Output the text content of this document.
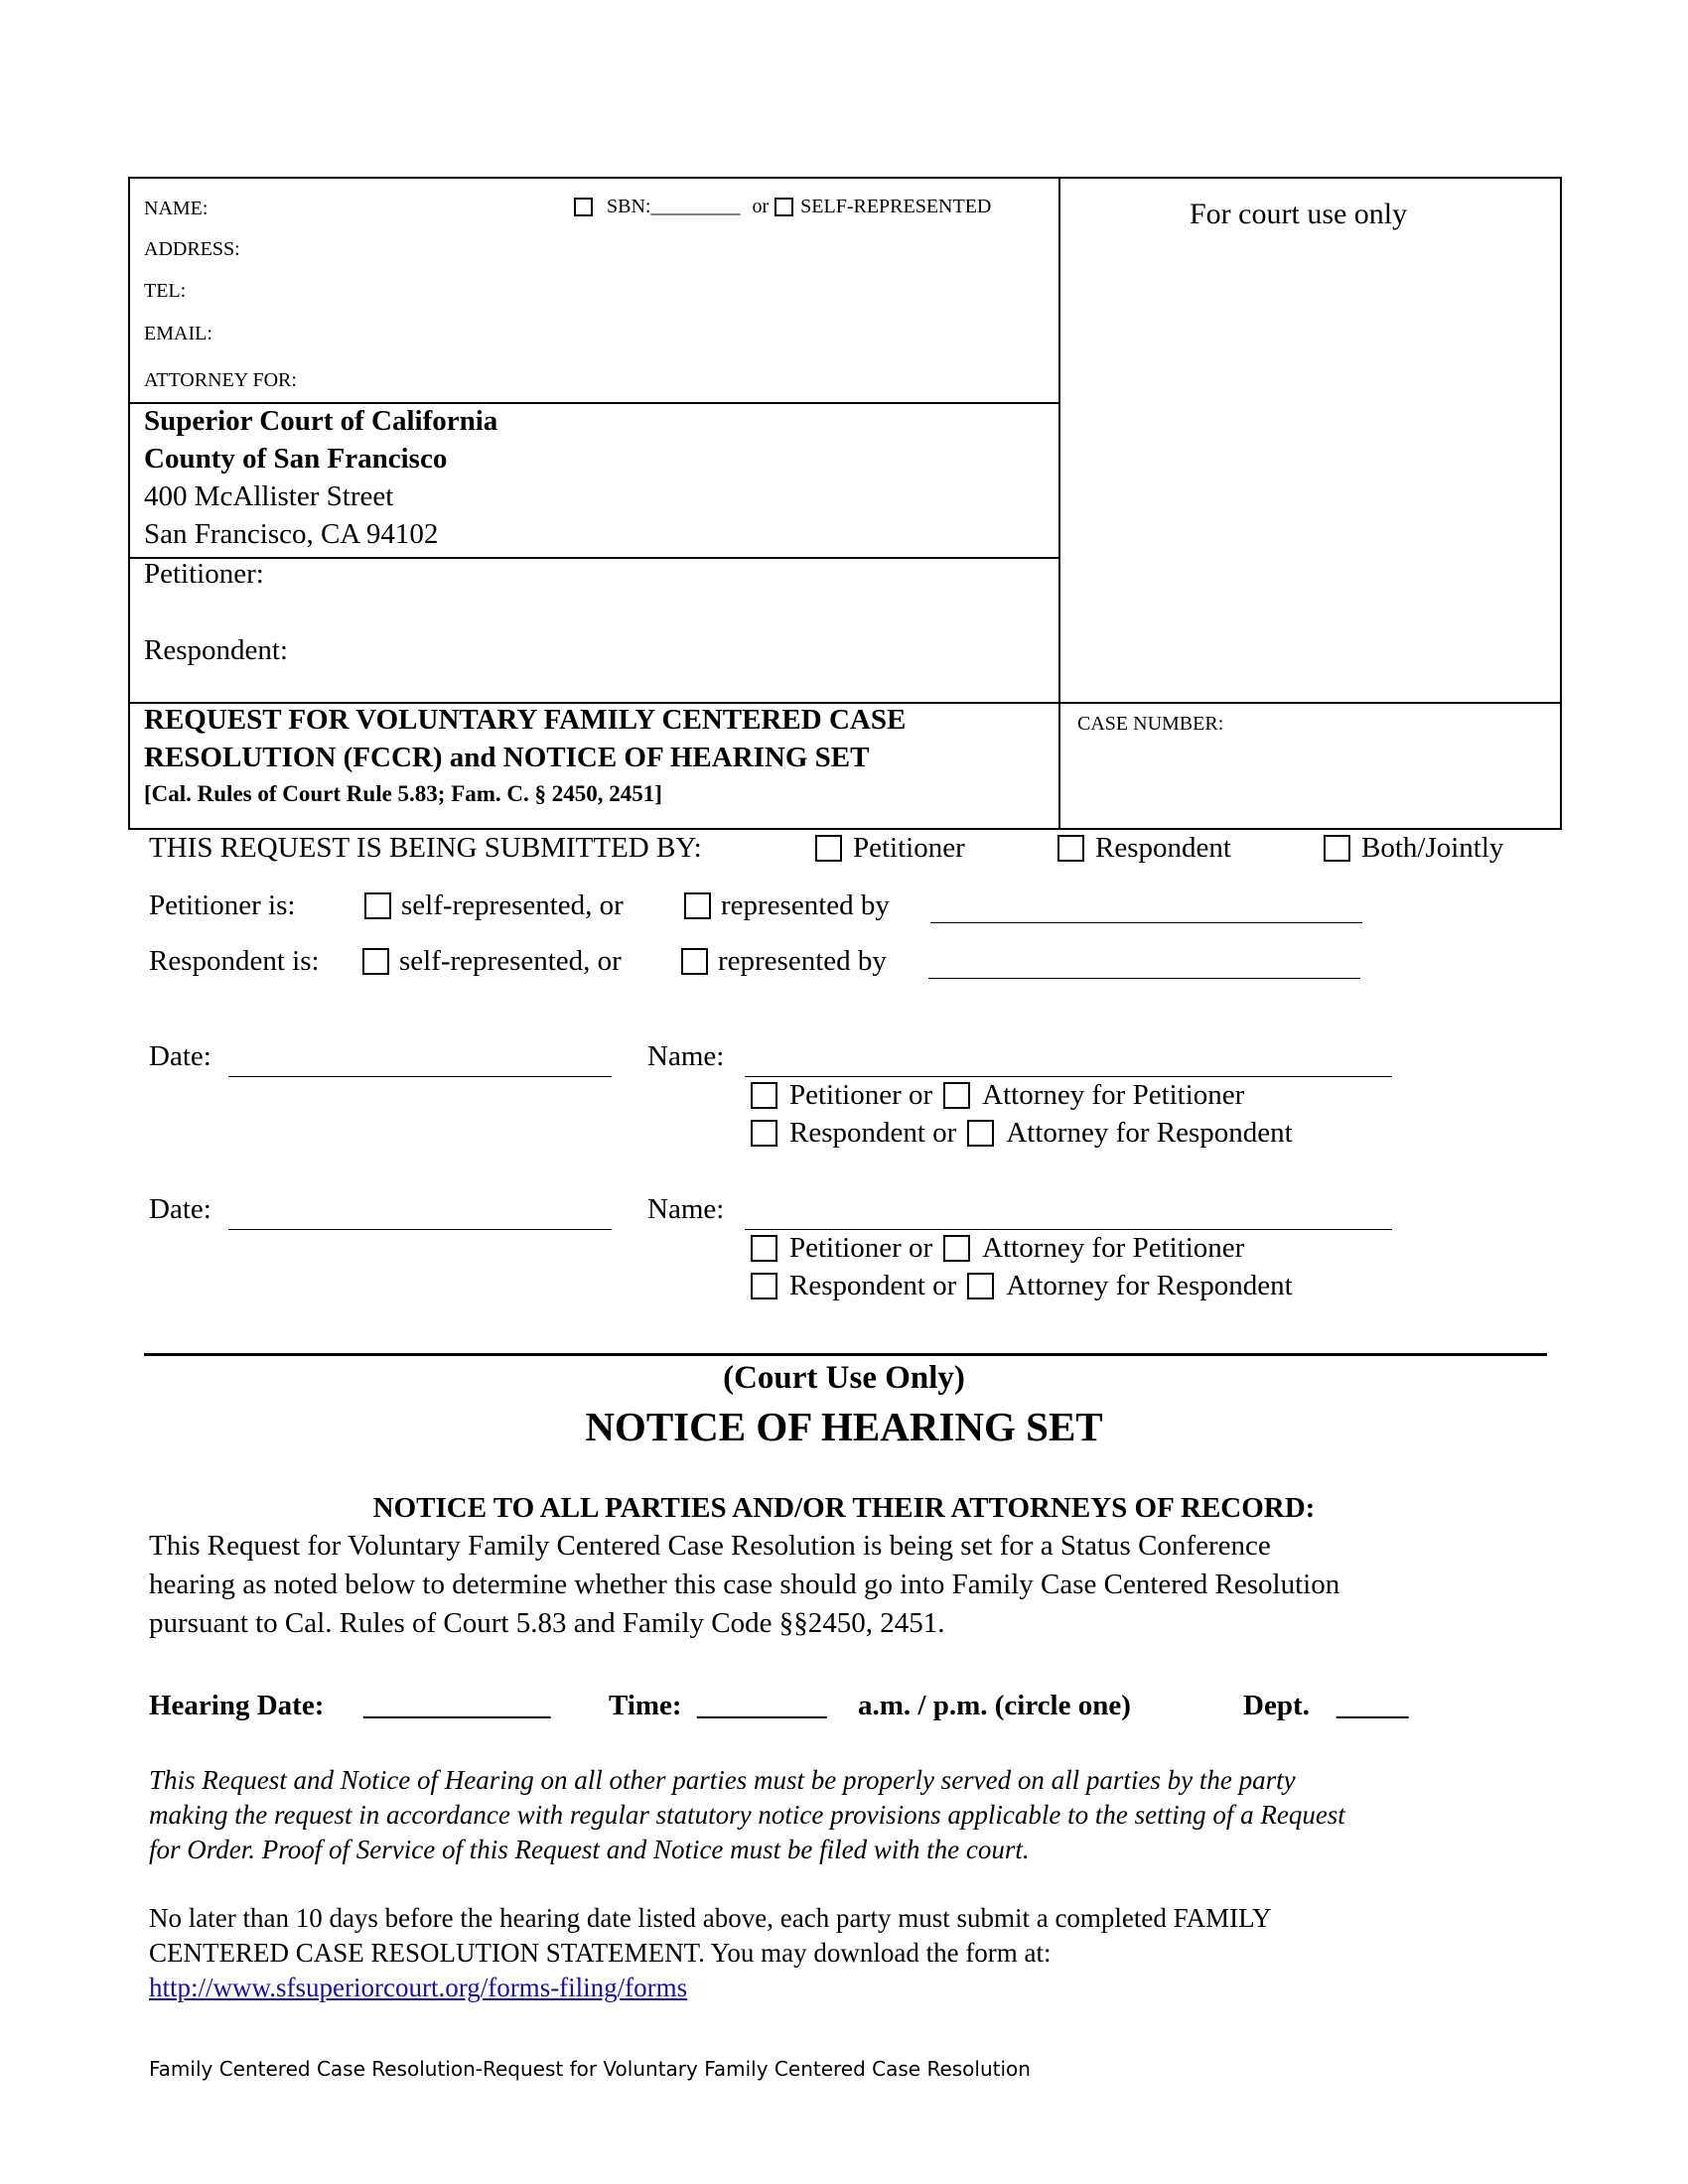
NAME:	SBN: _________ or SELF-REPRESENTED
ADDRESS:
TEL:
EMAIL:
ATTORNEY FOR:
For court use only
Superior Court of California
County of San Francisco
400 McAllister Street
San Francisco, CA 94102
Petitioner:
Respondent:
REQUEST FOR VOLUNTARY FAMILY CENTERED CASE
RESOLUTION (FCCR) and NOTICE OF HEARING SET
[Cal. Rules of Court Rule 5.83; Fam. C. § 2450, 2451]
CASE NUMBER:
THIS REQUEST IS BEING SUBMITTED BY:	Petitioner	Respondent	Both/Jointly
Petitioner is:	self-represented, or	represented by
Respondent is:	self-represented, or	represented by
Date:	Name:
Petitioner or Attorney for Petitioner
Respondent or Attorney for Respondent
Date:	Name:
Petitioner or Attorney for Petitioner
Respondent or Attorney for Respondent
(Court Use Only)
NOTICE OF HEARING SET
NOTICE TO ALL PARTIES AND/OR THEIR ATTORNEYS OF RECORD:
This Request for Voluntary Family Centered Case Resolution is being set for a Status Conference
hearing as noted below to determine whether this case should go into Family Case Centered Resolution
pursuant to Cal. Rules of Court 5.83 and Family Code §§2450, 2451.
Hearing Date: _____________ Time: _________ a.m. / p.m. (circle one)	Dept. _____
This Request and Notice of Hearing on all other parties must be properly served on all parties by the party
making the request in accordance with regular statutory notice provisions applicable to the setting of a Request
for Order. Proof of Service of this Request and Notice must be filed with the court.
No later than 10 days before the hearing date listed above, each party must submit a completed FAMILY
CENTERED CASE RESOLUTION STATEMENT. You may download the form at:
http://www.sfsuperiorcourt.org/forms-filing/forms
Family Centered Case Resolution-Request for Voluntary Family Centered Case Resolution
